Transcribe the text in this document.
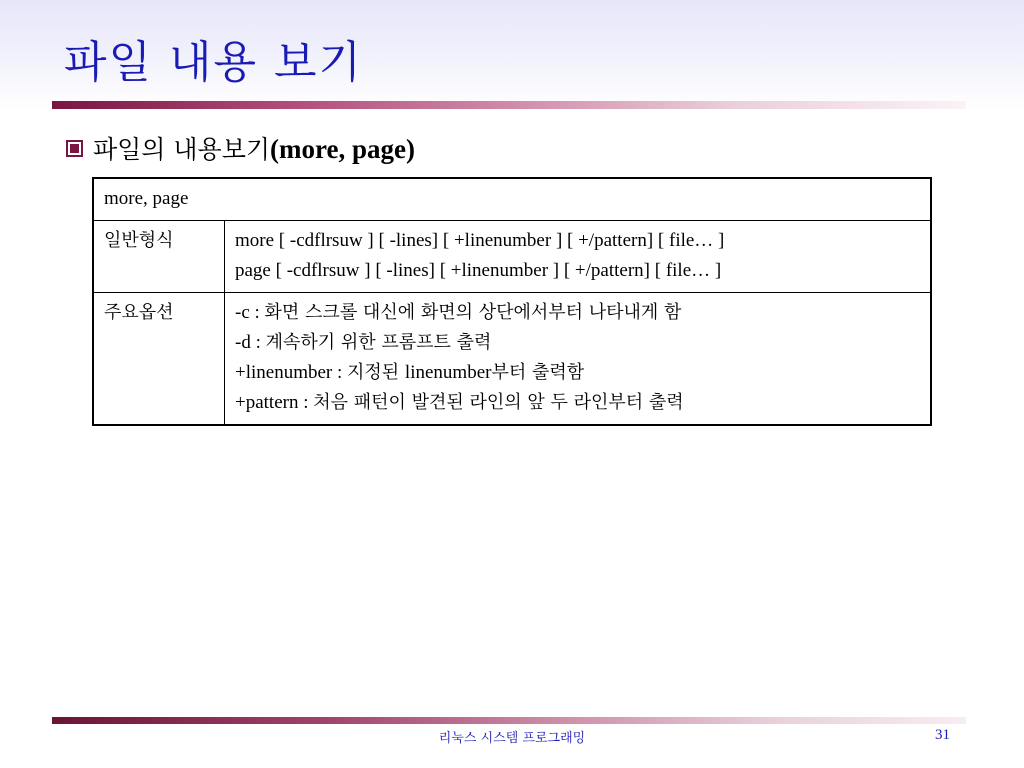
파일 내용 보기
파일의 내용보기(more, page)
more, page	
일반형식	more [ -cdflrsuw ] [ -lines] [ +linenumber ] [ +/pattern] [ file… ]
page [ -cdflrsuw ] [ -lines] [ +linenumber ] [ +/pattern] [ file… ]

주요옵션	-c : 화면 스크롤 대신에 화면의 상단에서부터 나타내게 함
-d : 계속하기 위한 프롬프트 출력
+linenumber : 지정된 linenumber부터 출력함
+pattern : 처음 패턴이 발견된 라인의 앞 두 라인부터 출력
리눅스 시스템 프로그래밍	31
